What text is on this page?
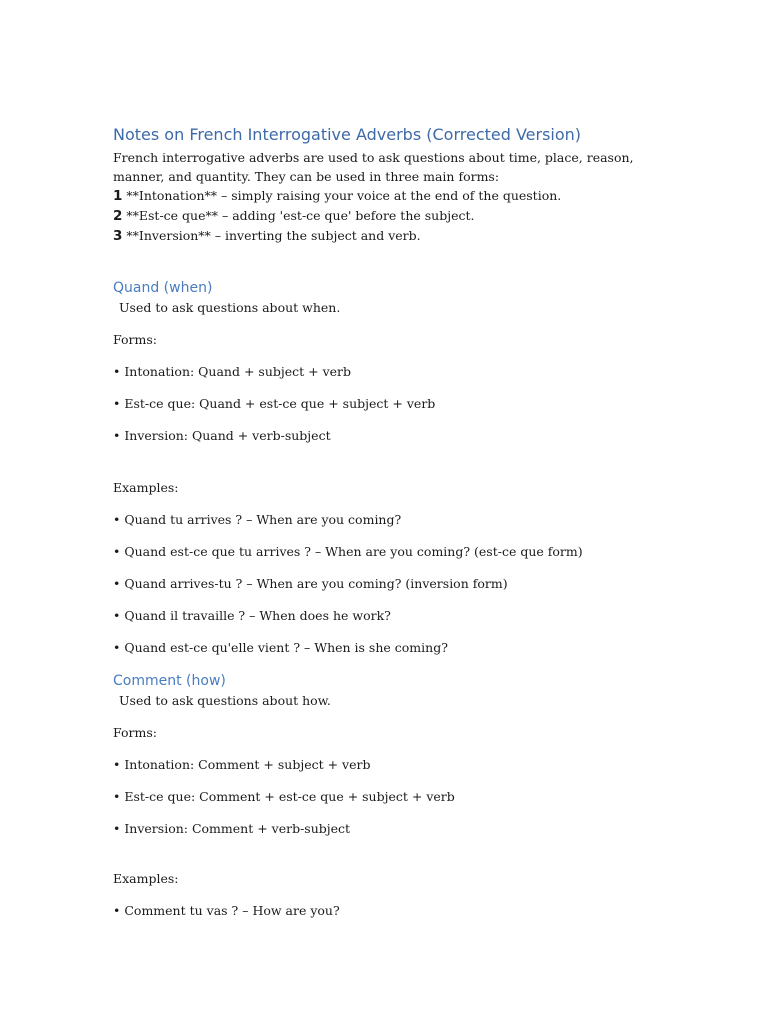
Notes on French Interrogative Adverbs (Corrected Version)

French interrogative adverbs are used to ask questions about time, place, reason, manner, and quantity. They can be used in three main forms:

1 **Intonation** – simply raising your voice at the end of the question.
2 **Est-ce que** – adding 'est-ce que' before the subject.
3 **Inversion** – inverting the subject and verb.
Quand (when)

Used to ask questions about when.

Forms:

• Intonation: Quand + subject + verb

• Est-ce que: Quand + est-ce que + subject + verb

• Inversion: Quand + verb-subject

Examples:

• Quand tu arrives ? – When are you coming?

• Quand est-ce que tu arrives ? – When are you coming? (est-ce que form)

• Quand arrives-tu ? – When are you coming? (inversion form)

• Quand il travaille ? – When does he work?

• Quand est-ce qu'elle vient ? – When is she coming?

Comment (how)

Used to ask questions about how.

Forms:

• Intonation: Comment + subject + verb

• Est-ce que: Comment + est-ce que + subject + verb

• Inversion: Comment + verb-subject

Examples:

• Comment tu vas ? – How are you?
